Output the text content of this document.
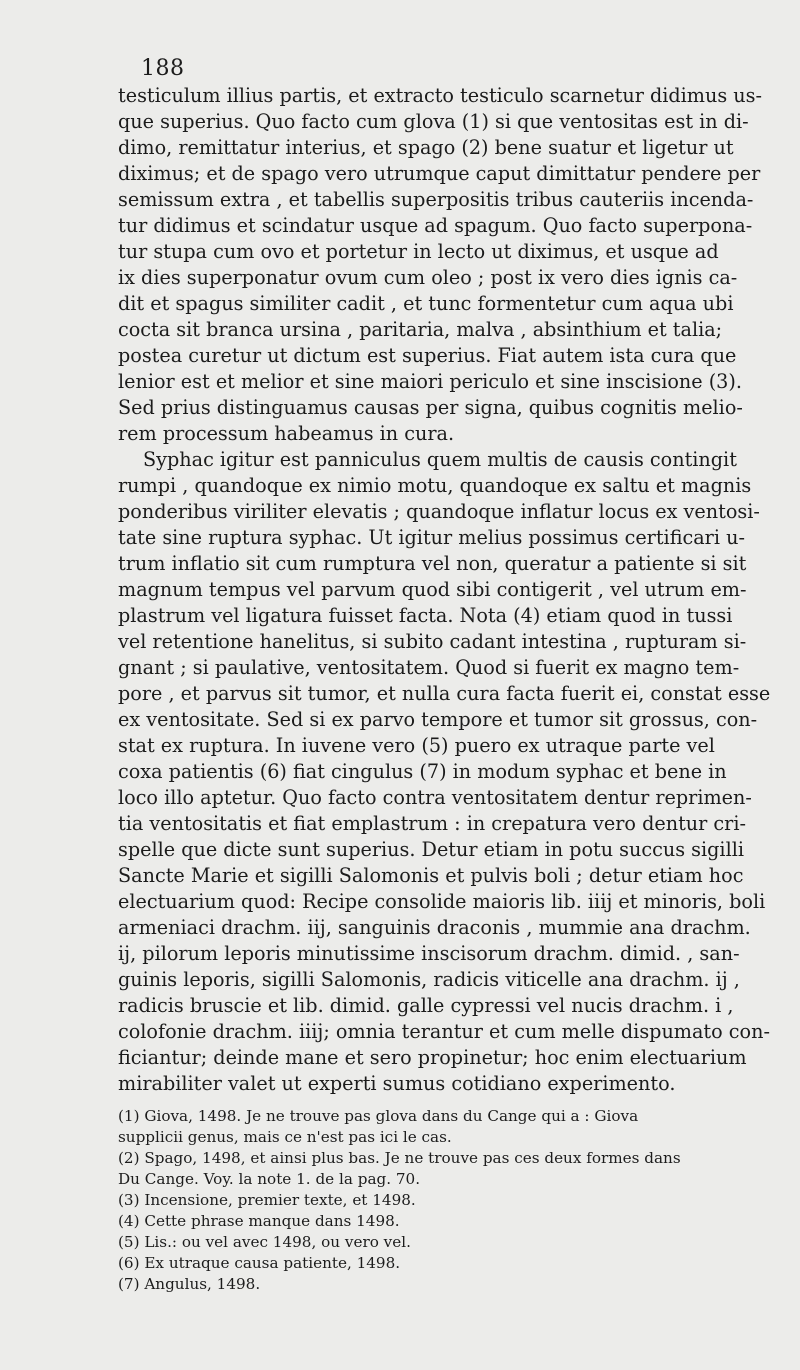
188
testiculum illius partis, et extracto testiculo scarnetur didimus us-
que superius. Quo facto cum glova (1) si que ventositas est in di-
dimo, remittatur interius, et spago (2) bene suatur et ligetur ut
diximus; et de spago vero utrumque caput dimittatur pendere per
semissum extra , et tabellis superpositis tribus cauteriis incenda-
tur didimus et scindatur usque ad spagum. Quo facto superpona-
tur stupa cum ovo et portetur in lecto ut diximus, et usque ad
ix dies superponatur ovum cum oleo ; post ix vero dies ignis ca-
dit et spagus similiter cadit , et tunc formentetur cum aqua ubi
cocta sit branca ursina , paritaria, malva , absinthium et talia;
postea curetur ut dictum est superius. Fiat autem ista cura que
lenior est et melior et sine maiori periculo et sine inscisione (3).
Sed prius distinguamus causas per signa, quibus cognitis melio-
rem processum habeamus in cura.
Syphac igitur est panniculus quem multis de causis contingit
rumpi , quandoque ex nimio motu, quandoque ex saltu et magnis
ponderibus viriliter elevatis ; quandoque inflatur locus ex ventosi-
tate sine ruptura syphac. Ut igitur melius possimus certificari u-
trum inflatio sit cum rumptura vel non, queratur a patiente si sit
magnum tempus vel parvum quod sibi contigerit , vel utrum em-
plastrum vel ligatura fuisset facta. Nota (4) etiam quod in tussi
vel retentione hanelitus, si subito cadant intestina , rupturam si-
gnant ; si paulative, ventositatem. Quod si fuerit ex magno tem-
pore , et parvus sit tumor, et nulla cura facta fuerit ei, constat esse
ex ventositate. Sed si ex parvo tempore et tumor sit grossus, con-
stat ex ruptura. In iuvene vero (5) puero ex utraque parte vel
coxa patientis (6) fiat cingulus (7) in modum syphac et bene in
loco illo aptetur. Quo facto contra ventositatem dentur reprimen-
tia ventositatis et fiat emplastrum : in crepatura vero dentur cri-
spelle que dicte sunt superius. Detur etiam in potu succus sigilli
Sancte Marie et sigilli Salomonis et pulvis boli ; detur etiam hoc
electuarium quod: Recipe consolide maioris lib. iiij et minoris, boli
armeniaci drachm. iij, sanguinis draconis , mummie ana drachm.
ij, pilorum leporis minutissime inscisorum drachm. dimid. , san-
guinis leporis, sigilli Salomonis, radicis viticelle ana drachm. ij ,
radicis bruscie et lib. dimid. galle cypressi vel nucis drachm. i ,
colofonie drachm. iiij; omnia terantur et cum melle dispumato con-
ficiantur; deinde mane et sero propinetur; hoc enim electuarium
mirabiliter valet ut experti sumus cotidiano experimento.
(1) Giova, 1498. Je ne trouve pas glova dans du Cange qui a : Giova
supplicii genus, mais ce n'est pas ici le cas.
(2) Spago, 1498, et ainsi plus bas. Je ne trouve pas ces deux formes dans
Du Cange. Voy. la note 1. de la pag. 70.
(3) Incensione, premier texte, et 1498.
(4) Cette phrase manque dans 1498.
(5) Lis.: ou vel avec 1498, ou vero vel.
(6) Ex utraque causa patiente, 1498.
(7) Angulus, 1498.
